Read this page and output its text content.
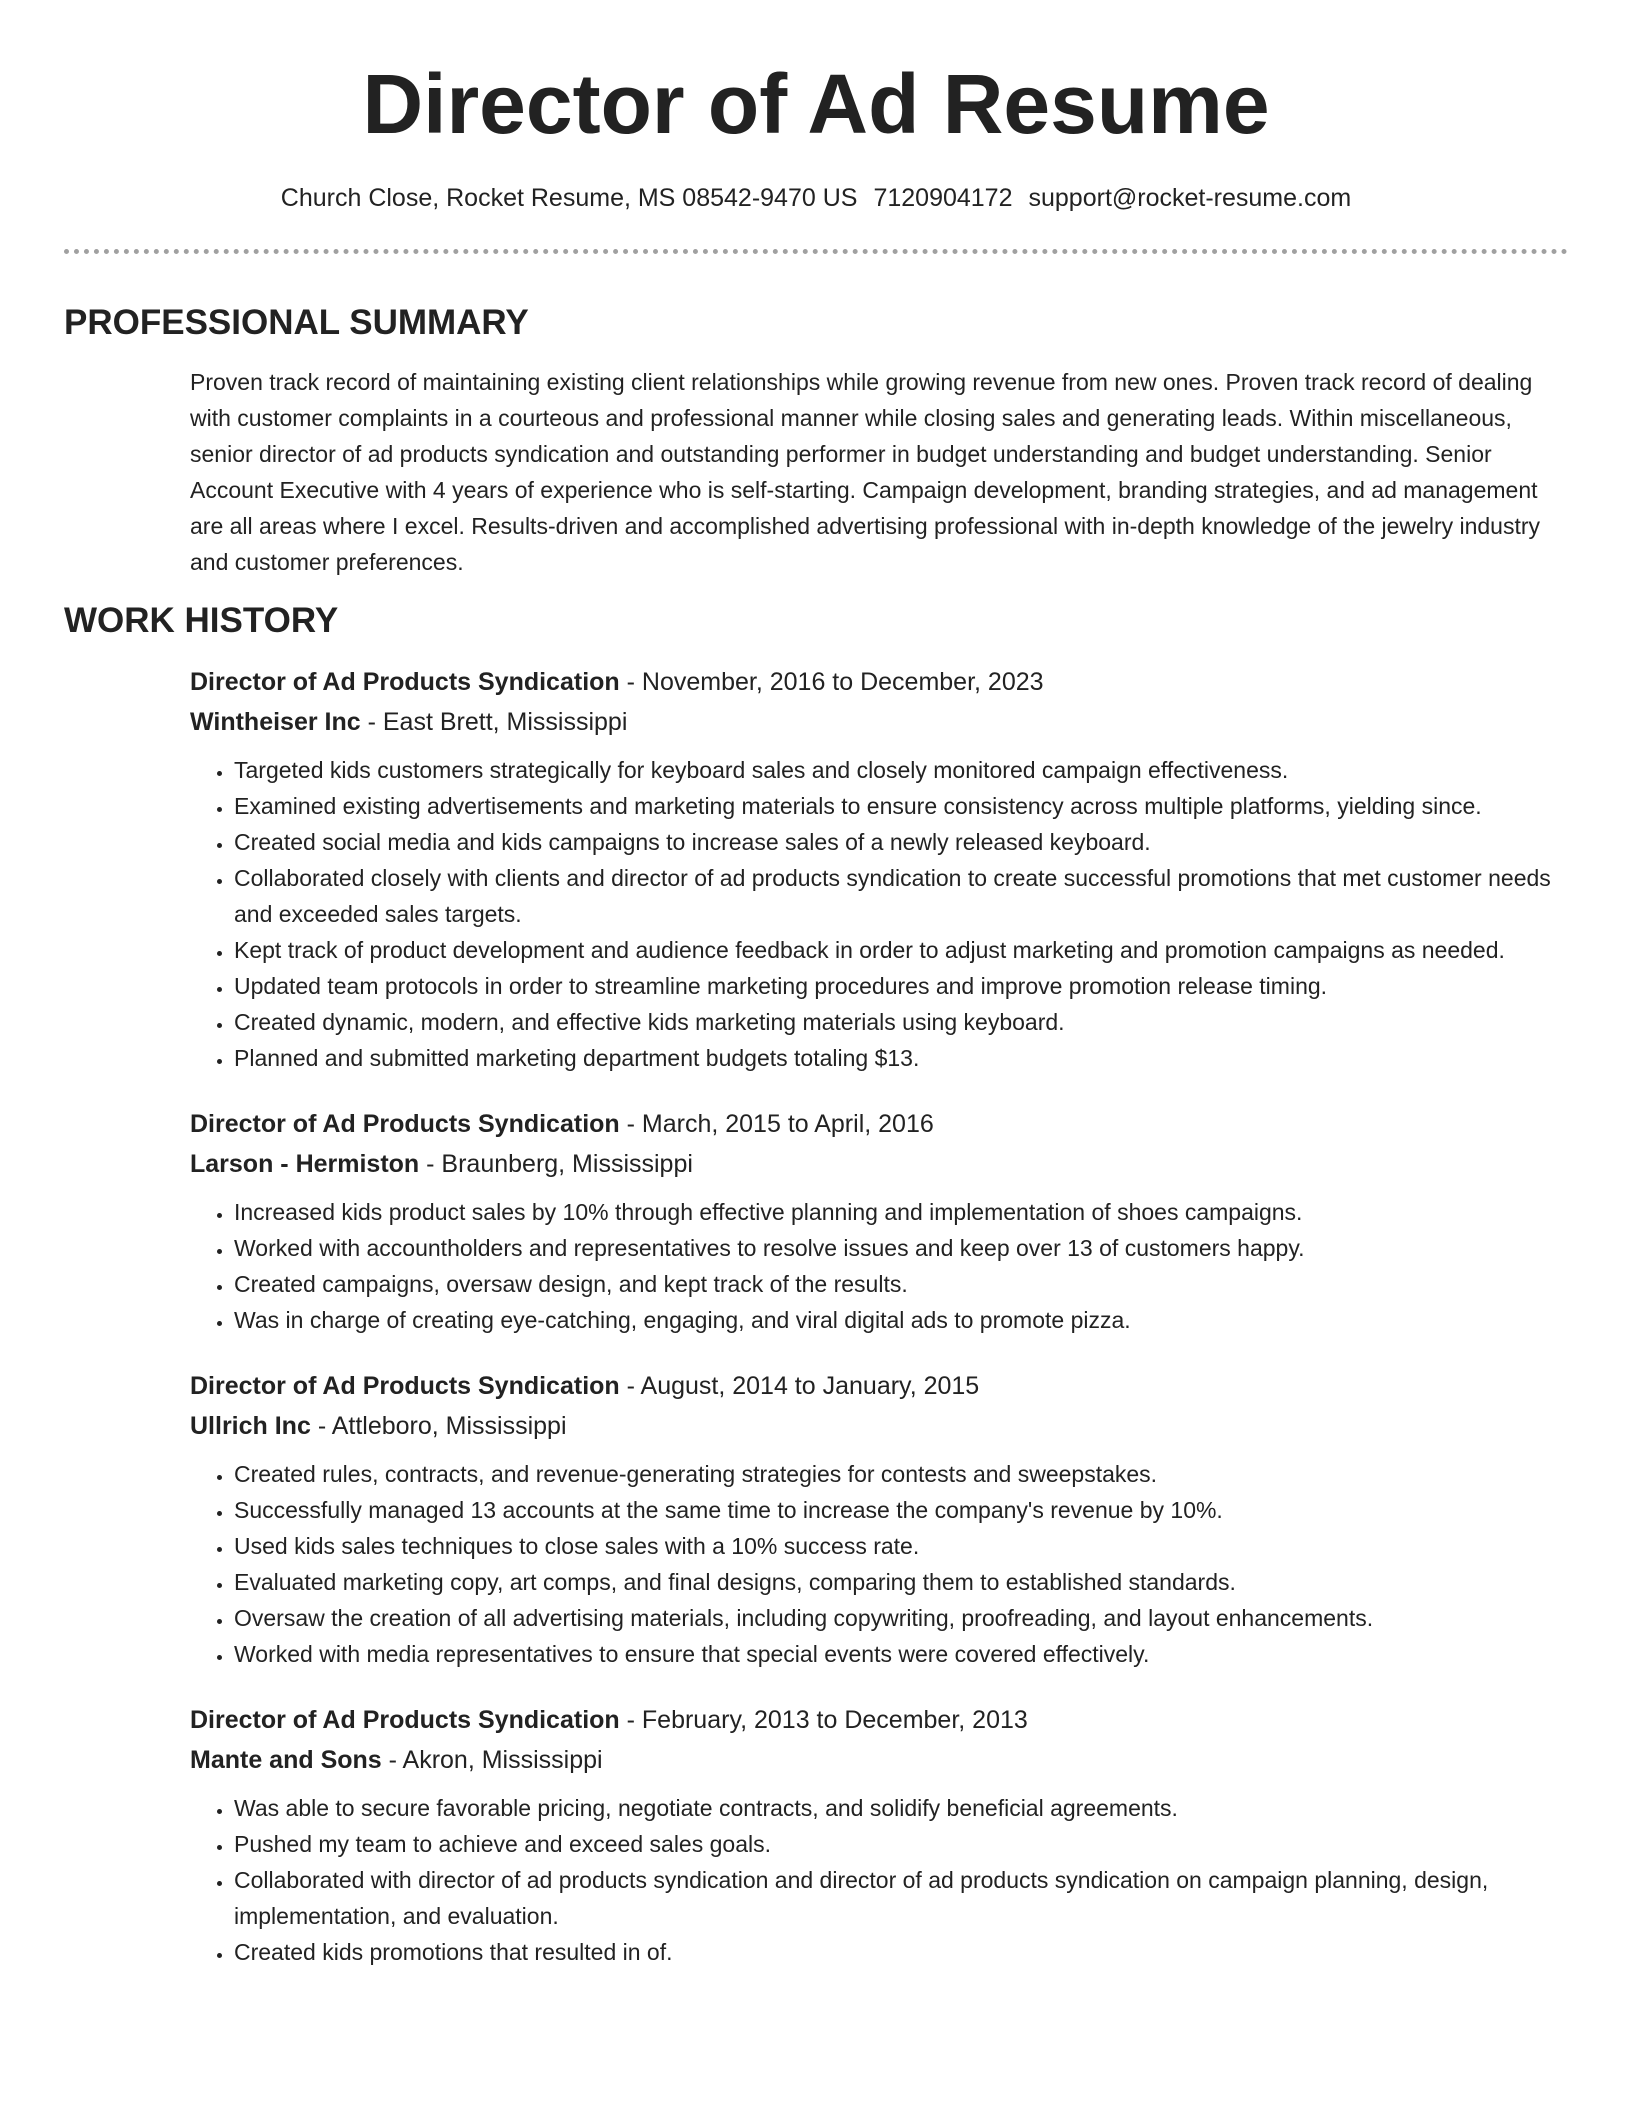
Director of Ad Resume
Church Close, Rocket Resume, MS 08542-9470 US 7120904172 support@rocket-resume.com
PROFESSIONAL SUMMARY

Proven track record of maintaining existing client relationships while growing revenue from new ones. Proven track record of dealing with customer complaints in a courteous and professional manner while closing sales and generating leads. Within miscellaneous, senior director of ad products syndication and outstanding performer in budget understanding and budget understanding. Senior Account Executive with 4 years of experience who is self-starting. Campaign development, branding strategies, and ad management are all areas where I excel. Results-driven and accomplished advertising professional with in-depth knowledge of the jewelry industry and customer preferences.

WORK HISTORY
Director of Ad Products Syndication - November, 2016 to December, 2023
Wintheiser Inc - East Brett, Mississippi
• Targeted kids customers strategically for keyboard sales and closely monitored campaign effectiveness.
• Examined existing advertisements and marketing materials to ensure consistency across multiple platforms, yielding since.
• Created social media and kids campaigns to increase sales of a newly released keyboard.
• Collaborated closely with clients and director of ad products syndication to create successful promotions that met customer needs and exceeded sales targets.
• Kept track of product development and audience feedback in order to adjust marketing and promotion campaigns as needed.
• Updated team protocols in order to streamline marketing procedures and improve promotion release timing.
• Created dynamic, modern, and effective kids marketing materials using keyboard.
• Planned and submitted marketing department budgets totaling $13.
Director of Ad Products Syndication - March, 2015 to April, 2016
Larson - Hermiston - Braunberg, Mississippi
• Increased kids product sales by 10% through effective planning and implementation of shoes campaigns.
• Worked with accountholders and representatives to resolve issues and keep over 13 of customers happy.
• Created campaigns, oversaw design, and kept track of the results.
• Was in charge of creating eye-catching, engaging, and viral digital ads to promote pizza.
Director of Ad Products Syndication - August, 2014 to January, 2015
Ullrich Inc - Attleboro, Mississippi
• Created rules, contracts, and revenue-generating strategies for contests and sweepstakes.
• Successfully managed 13 accounts at the same time to increase the company's revenue by 10%.
• Used kids sales techniques to close sales with a 10% success rate.
• Evaluated marketing copy, art comps, and final designs, comparing them to established standards.
• Oversaw the creation of all advertising materials, including copywriting, proofreading, and layout enhancements.
• Worked with media representatives to ensure that special events were covered effectively.
Director of Ad Products Syndication - February, 2013 to December, 2013
Mante and Sons - Akron, Mississippi
• Was able to secure favorable pricing, negotiate contracts, and solidify beneficial agreements.
• Pushed my team to achieve and exceed sales goals.
• Collaborated with director of ad products syndication and director of ad products syndication on campaign planning, design, implementation, and evaluation.
• Created kids promotions that resulted in of.
